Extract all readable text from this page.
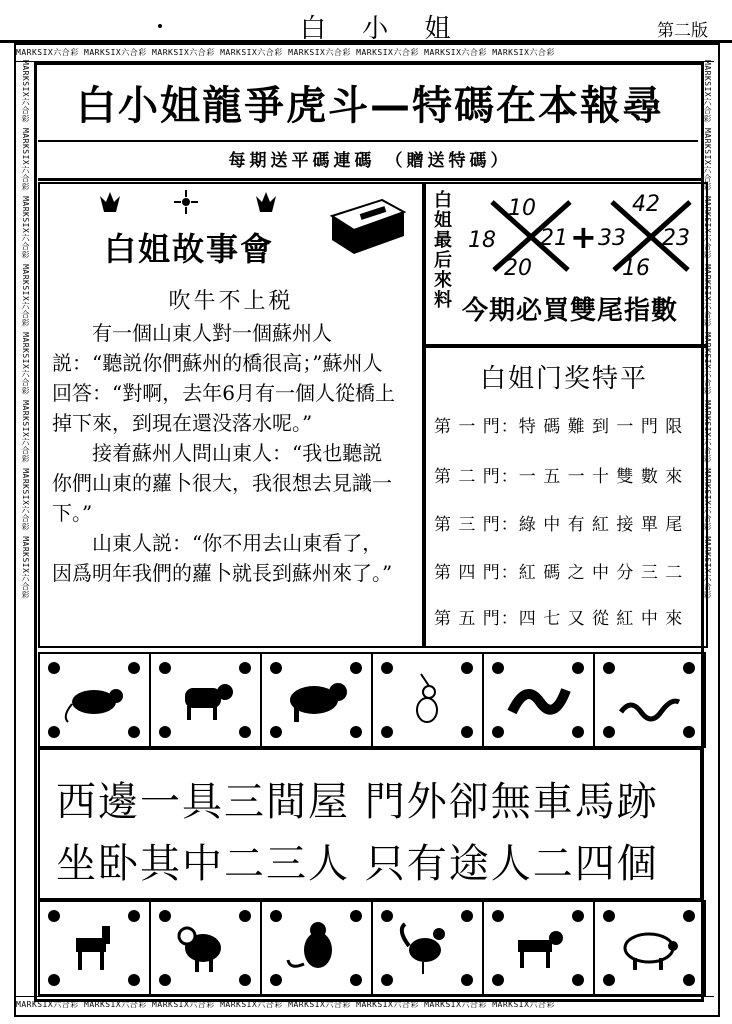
白 小 姐	第二版
MARKSIX六合彩 MARKSIX六合彩 MARKSIX六合彩 MARKSIX六合彩 MARKSIX六合彩 MARKSIX六合彩 MARKSIX六合彩 MARKSIX六合彩
MARKSIX六合彩 MARKSIX六合彩 MARKSIX六合彩 MARKSIX六合彩 MARKSIX六合彩 MARKSIX六合彩 MARKSIX六合彩 MARKSIX六合彩
MARKSIX六合彩 MARKSIX六合彩 MARKSIX六合彩 MARKSIX六合彩 MARKSIX六合彩 MARKSIX六合彩 MARKSIX六合彩 MARKSIX六合彩	MARKSIX六合彩 MARKSIX六合彩 MARKSIX六合彩 MARKSIX六合彩 MARKSIX六合彩 MARKSIX六合彩 MARKSIX六合彩 MARKSIX六合彩
白小姐龍爭虎斗—特碼在本報尋
每期送平碼連碼 （贈送特碼）
白姐故事會
吹牛不上税

有一個山東人對一個蘇州人説：“聽説你們蘇州的橋很高；”蘇州人回答：“對啊，去年6月有一個人從橋上掉下來，到現在還没落水呢。”

接着蘇州人問山東人：“我也聽説你們山東的蘿卜很大，我很想去見識一下。”

山東人説：“你不用去山東看了，因爲明年我們的蘿卜就長到蘇州來了。”

白姐最后來料	10
18 21
20
+
42
33 23
16
今期必買雙尾指數
白姐门奖特平
第 一 門：特 碼 難 到 一 門 限
第 二 門：一 五 一 十 雙 數 來
第 三 門：綠 中 有 紅 接 單 尾
第 四 門：紅 碼 之 中 分 三 二
第 五 門：四 七 又 從 紅 中 來
西邊一具三間屋 門外卻無車馬跡
坐卧其中二三人 只有途人二四個
